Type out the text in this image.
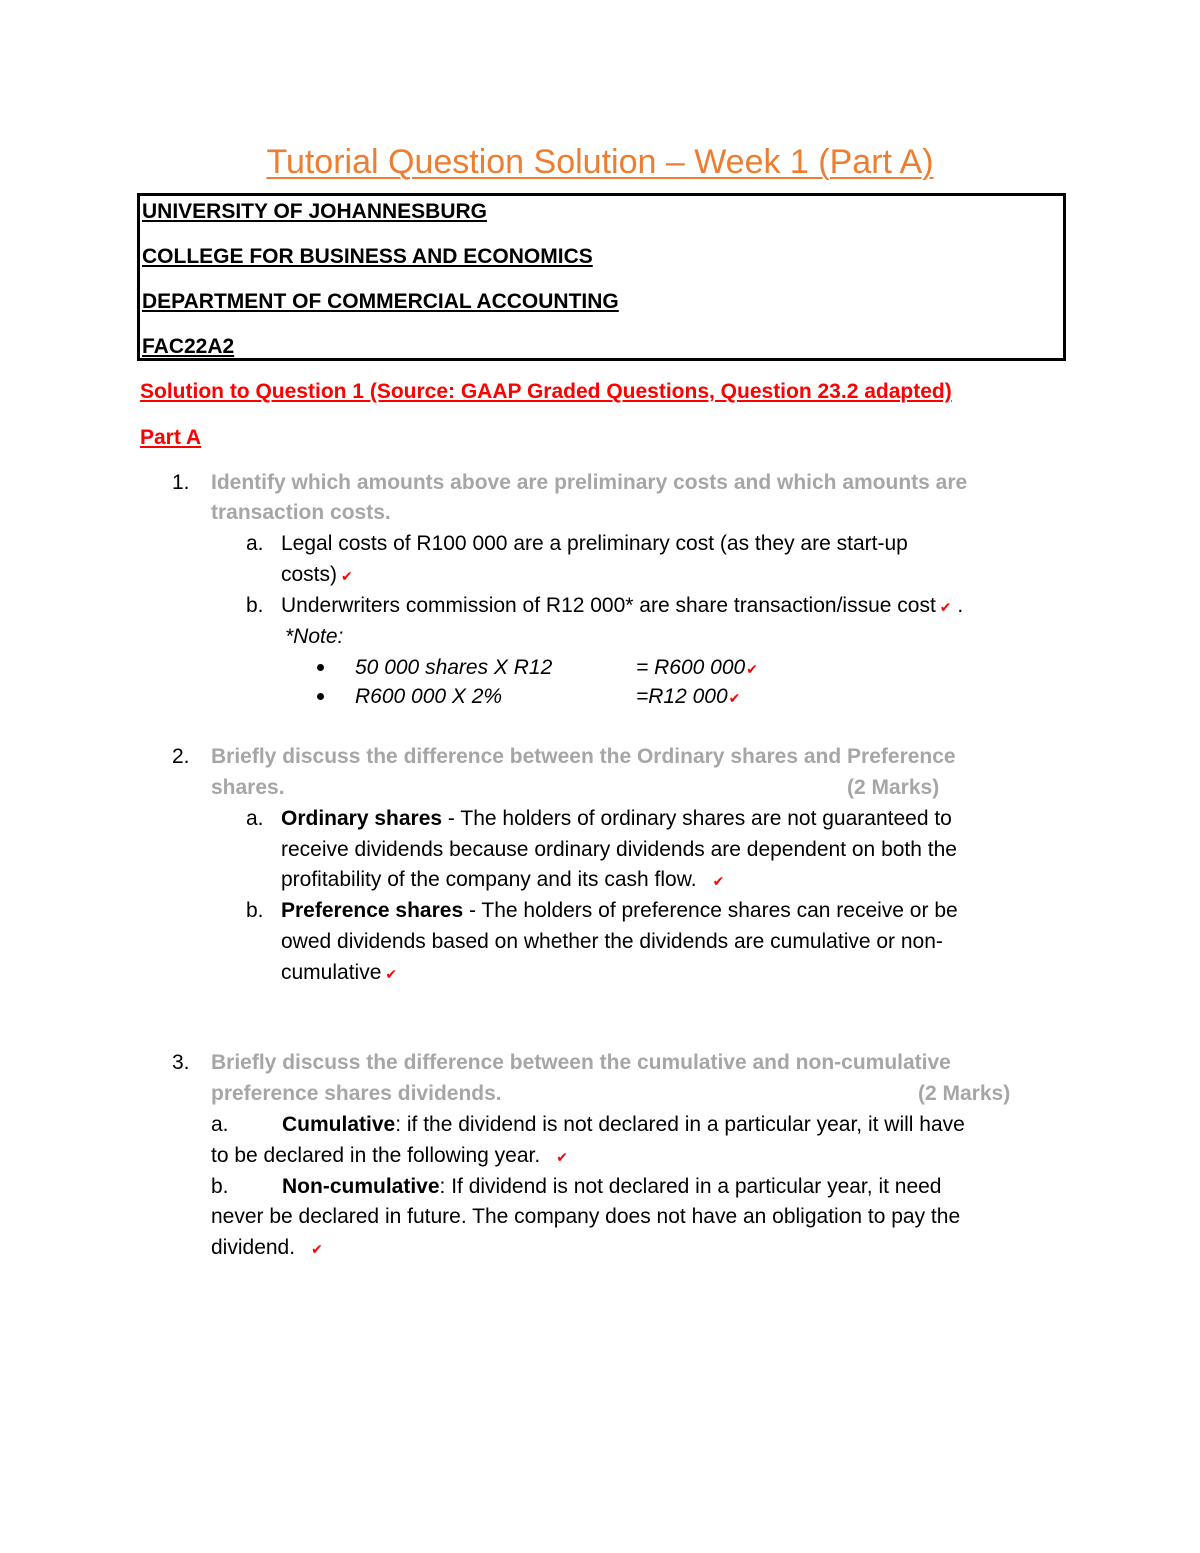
Tutorial Question Solution – Week 1 (Part A)
UNIVERSITY OF JOHANNESBURG
COLLEGE FOR BUSINESS AND ECONOMICS
DEPARTMENT OF COMMERCIAL ACCOUNTING
FAC22A2
Solution to Question 1 (Source: GAAP Graded Questions, Question 23.2 adapted)
Part A
1. Identify which amounts above are preliminary costs and which amounts are
transaction costs.
a. Legal costs of R100 000 are a preliminary cost (as they are start-up
costs) ✔
b. Underwriters commission of R12 000* are share transaction/issue cost ✔ .
*Note:
50 000 shares X R12	= R600 000✔
R600 000 X 2%	=R12 000✔
2. Briefly discuss the difference between the Ordinary shares and Preference
shares.	(2 Marks)
a. Ordinary shares - The holders of ordinary shares are not guaranteed to
receive dividends because ordinary dividends are dependent on both the
profitability of the company and its cash flow. ✔
b. Preference shares - The holders of preference shares can receive or be
owed dividends based on whether the dividends are cumulative or non-
cumulative ✔
3. Briefly discuss the difference between the cumulative and non-cumulative
preference shares dividends.	(2 Marks)
a.	Cumulative: if the dividend is not declared in a particular year, it will have
to be declared in the following year. ✔
b.	Non-cumulative: If dividend is not declared in a particular year, it need
never be declared in future. The company does not have an obligation to pay the
dividend. ✔
